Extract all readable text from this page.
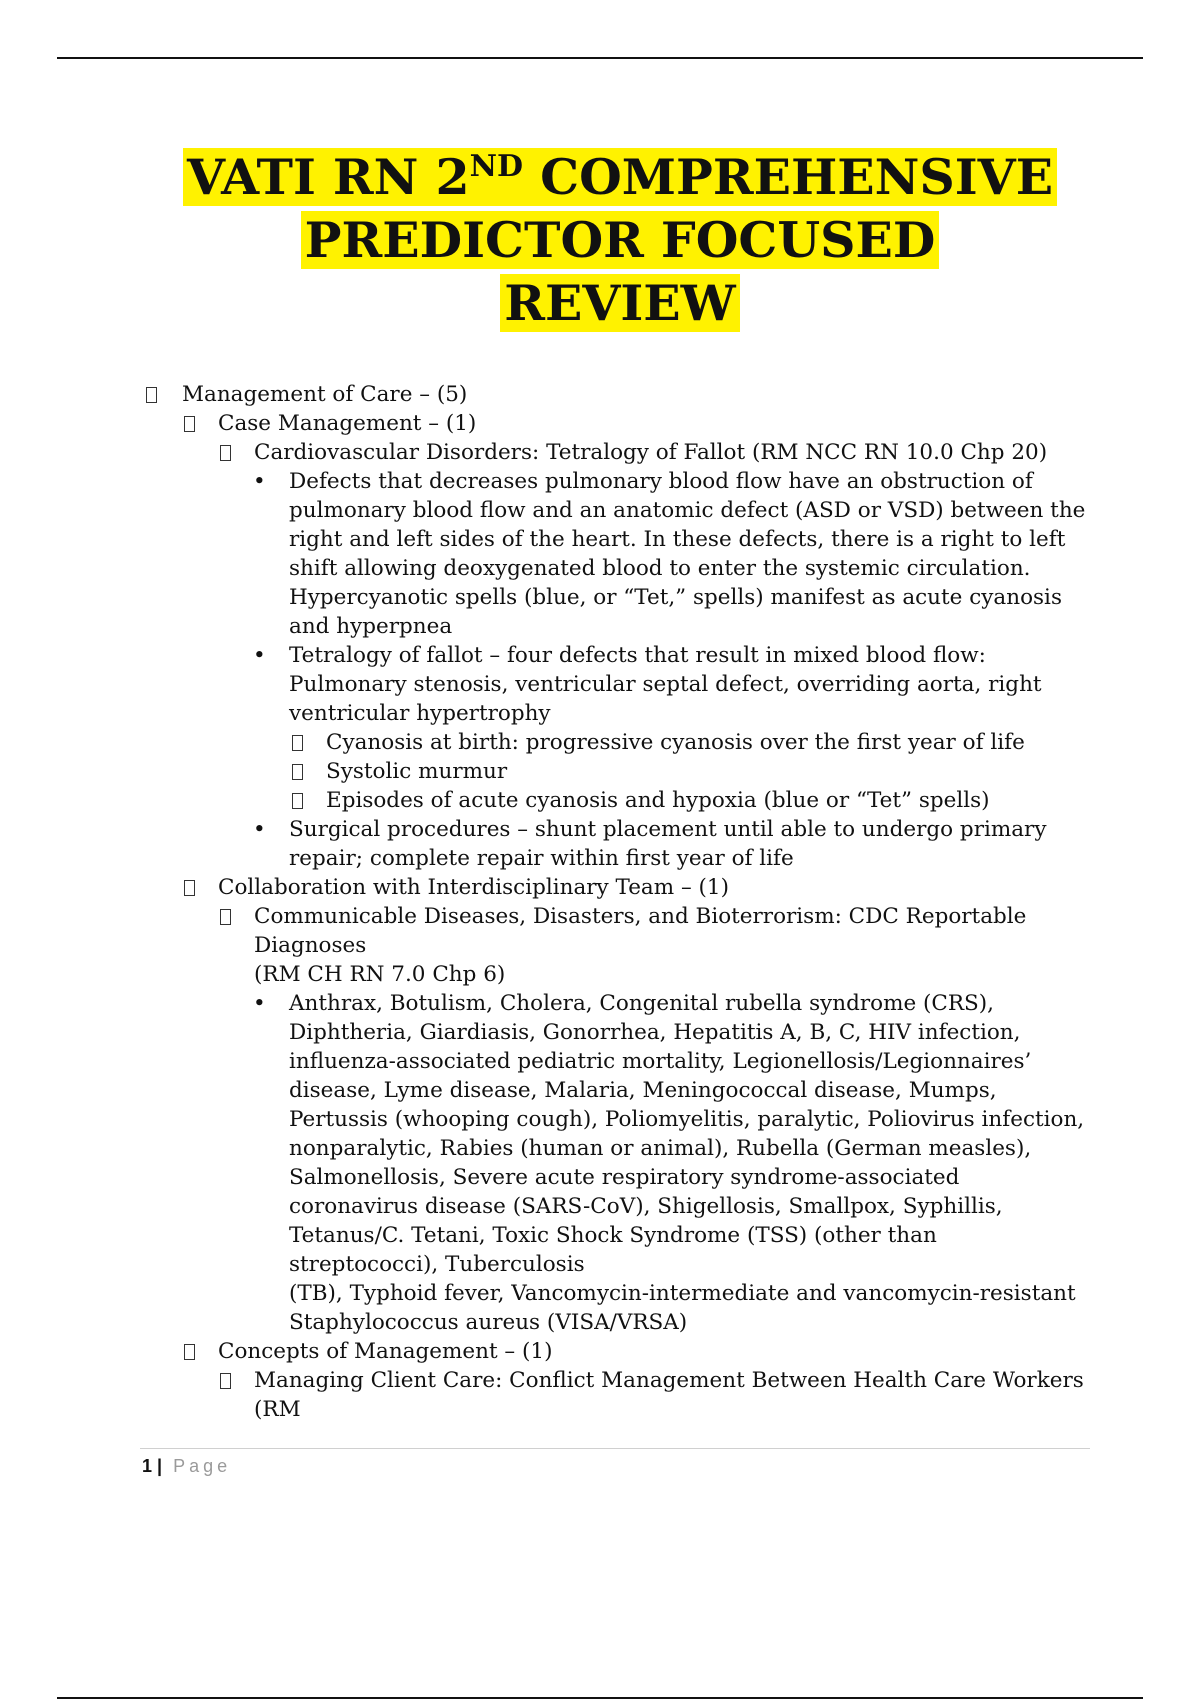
VATI RN 2ND COMPREHENSIVE
PREDICTOR FOCUSED
REVIEW
Management of Care – (5)
Case Management – (1)
Cardiovascular Disorders: Tetralogy of Fallot (RM NCC RN 10.0 Chp 20)
• Defects that decreases pulmonary blood flow have an obstruction of pulmonary blood flow and an anatomic defect (ASD or VSD) between the right and left sides of the heart. In these defects, there is a right to left shift allowing deoxygenated blood to enter the systemic circulation. Hypercyanotic spells (blue, or “Tet,” spells) manifest as acute cyanosis and hyperpnea
• Tetralogy of fallot – four defects that result in mixed blood flow: Pulmonary stenosis, ventricular septal defect, overriding aorta, right ventricular hypertrophy
Cyanosis at birth: progressive cyanosis over the first year of life
Systolic murmur
Episodes of acute cyanosis and hypoxia (blue or “Tet” spells)
• Surgical procedures – shunt placement until able to undergo primary repair; complete repair within first year of life
Collaboration with Interdisciplinary Team – (1)
Communicable Diseases, Disasters, and Bioterrorism: CDC Reportable Diagnoses
(RM CH RN 7.0 Chp 6)
• Anthrax, Botulism, Cholera, Congenital rubella syndrome (CRS), Diphtheria, Giardiasis, Gonorrhea, Hepatitis A, B, C, HIV infection, influenza-associated pediatric mortality, Legionellosis/Legionnaires’ disease, Lyme disease, Malaria, Meningococcal disease, Mumps, Pertussis (whooping cough), Poliomyelitis, paralytic, Poliovirus infection, nonparalytic, Rabies (human or animal), Rubella (German measles), Salmonellosis, Severe acute respiratory syndrome-associated coronavirus disease (SARS-CoV), Shigellosis, Smallpox, Syphillis, Tetanus/C. Tetani, Toxic Shock Syndrome (TSS) (other than streptococci), Tuberculosis
(TB), Typhoid fever, Vancomycin-intermediate and vancomycin-resistant Staphylococcus aureus (VISA/VRSA)
Concepts of Management – (1)
Managing Client Care: Conflict Management Between Health Care Workers (RM
1 | Page
